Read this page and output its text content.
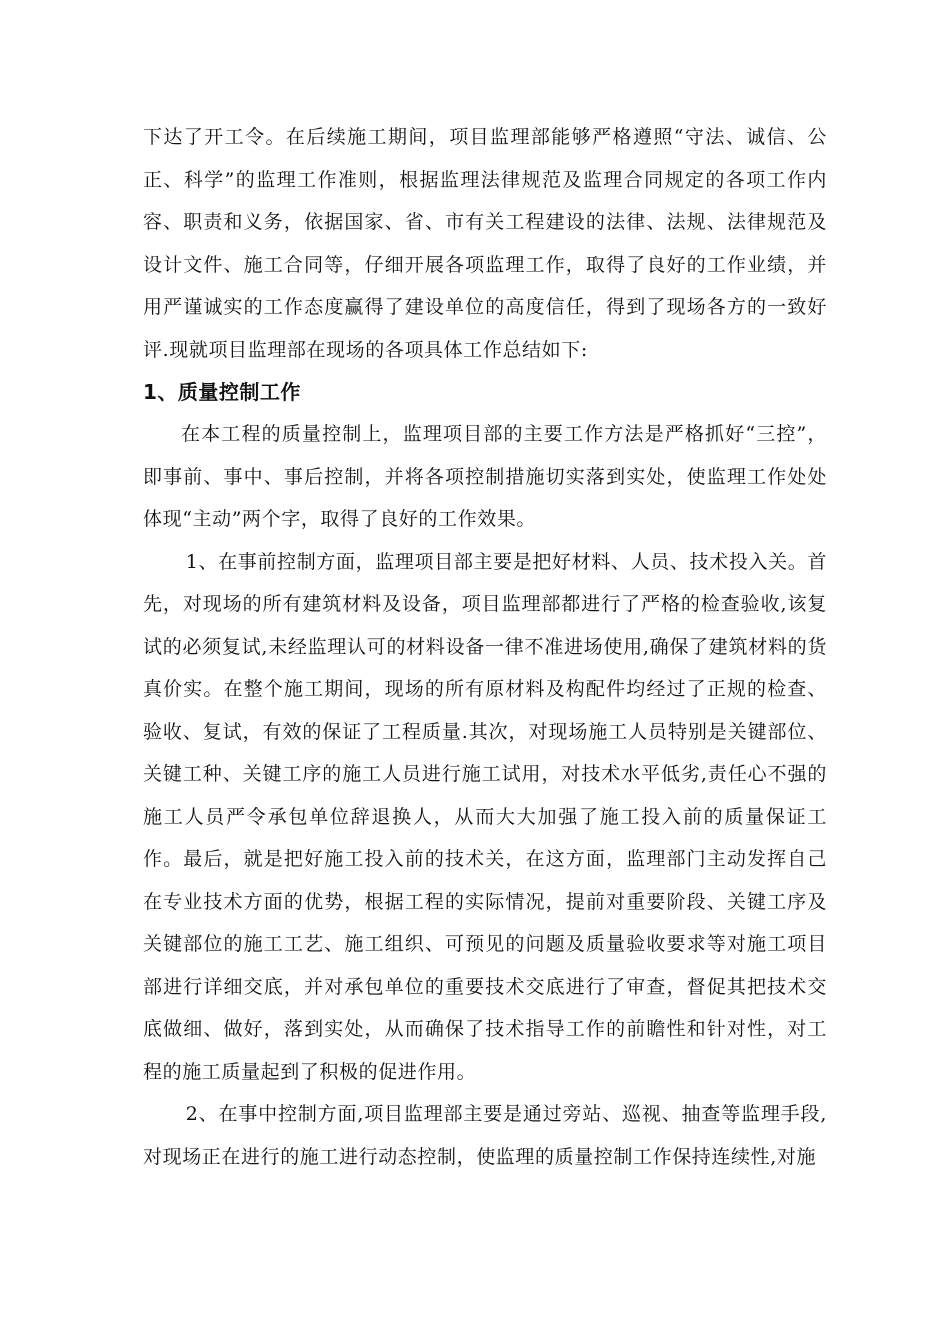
下达了开工令。在后续施工期间，项目监理部能够严格遵照“守法、诚信、公正、科学”的监理工作准则，根据监理法律规范及监理合同规定的各项工作内容、职责和义务，依据国家、省、市有关工程建设的法律、法规、法律规范及设计文件、施工合同等，仔细开展各项监理工作，取得了良好的工作业绩，并用严谨诚实的工作态度赢得了建设单位的高度信任，得到了现场各方的一致好评.现就项目监理部在现场的各项具体工作总结如下:

1、质量控制工作

在本工程的质量控制上，监理项目部的主要工作方法是严格抓好“三控”，即事前、事中、事后控制，并将各项控制措施切实落到实处，使监理工作处处体现“主动”两个字，取得了良好的工作效果。

1、在事前控制方面，监理项目部主要是把好材料、人员、技术投入关。首先，对现场的所有建筑材料及设备，项目监理部都进行了严格的检查验收,该复试的必须复试,未经监理认可的材料设备一律不准进场使用,确保了建筑材料的货真价实。在整个施工期间，现场的所有原材料及构配件均经过了正规的检查、验收、复试，有效的保证了工程质量.其次，对现场施工人员特别是关键部位、关键工种、关键工序的施工人员进行施工试用，对技术水平低劣,责任心不强的施工人员严令承包单位辞退换人，从而大大加强了施工投入前的质量保证工作。最后，就是把好施工投入前的技术关，在这方面，监理部门主动发挥自己在专业技术方面的优势，根据工程的实际情况，提前对重要阶段、关键工序及关键部位的施工工艺、施工组织、可预见的问题及质量验收要求等对施工项目部进行详细交底，并对承包单位的重要技术交底进行了审查，督促其把技术交底做细、做好，落到实处，从而确保了技术指导工作的前瞻性和针对性，对工程的施工质量起到了积极的促进作用。

2、在事中控制方面,项目监理部主要是通过旁站、巡视、抽查等监理手段,对现场正在进行的施工进行动态控制，使监理的质量控制工作保持连续性,对施
